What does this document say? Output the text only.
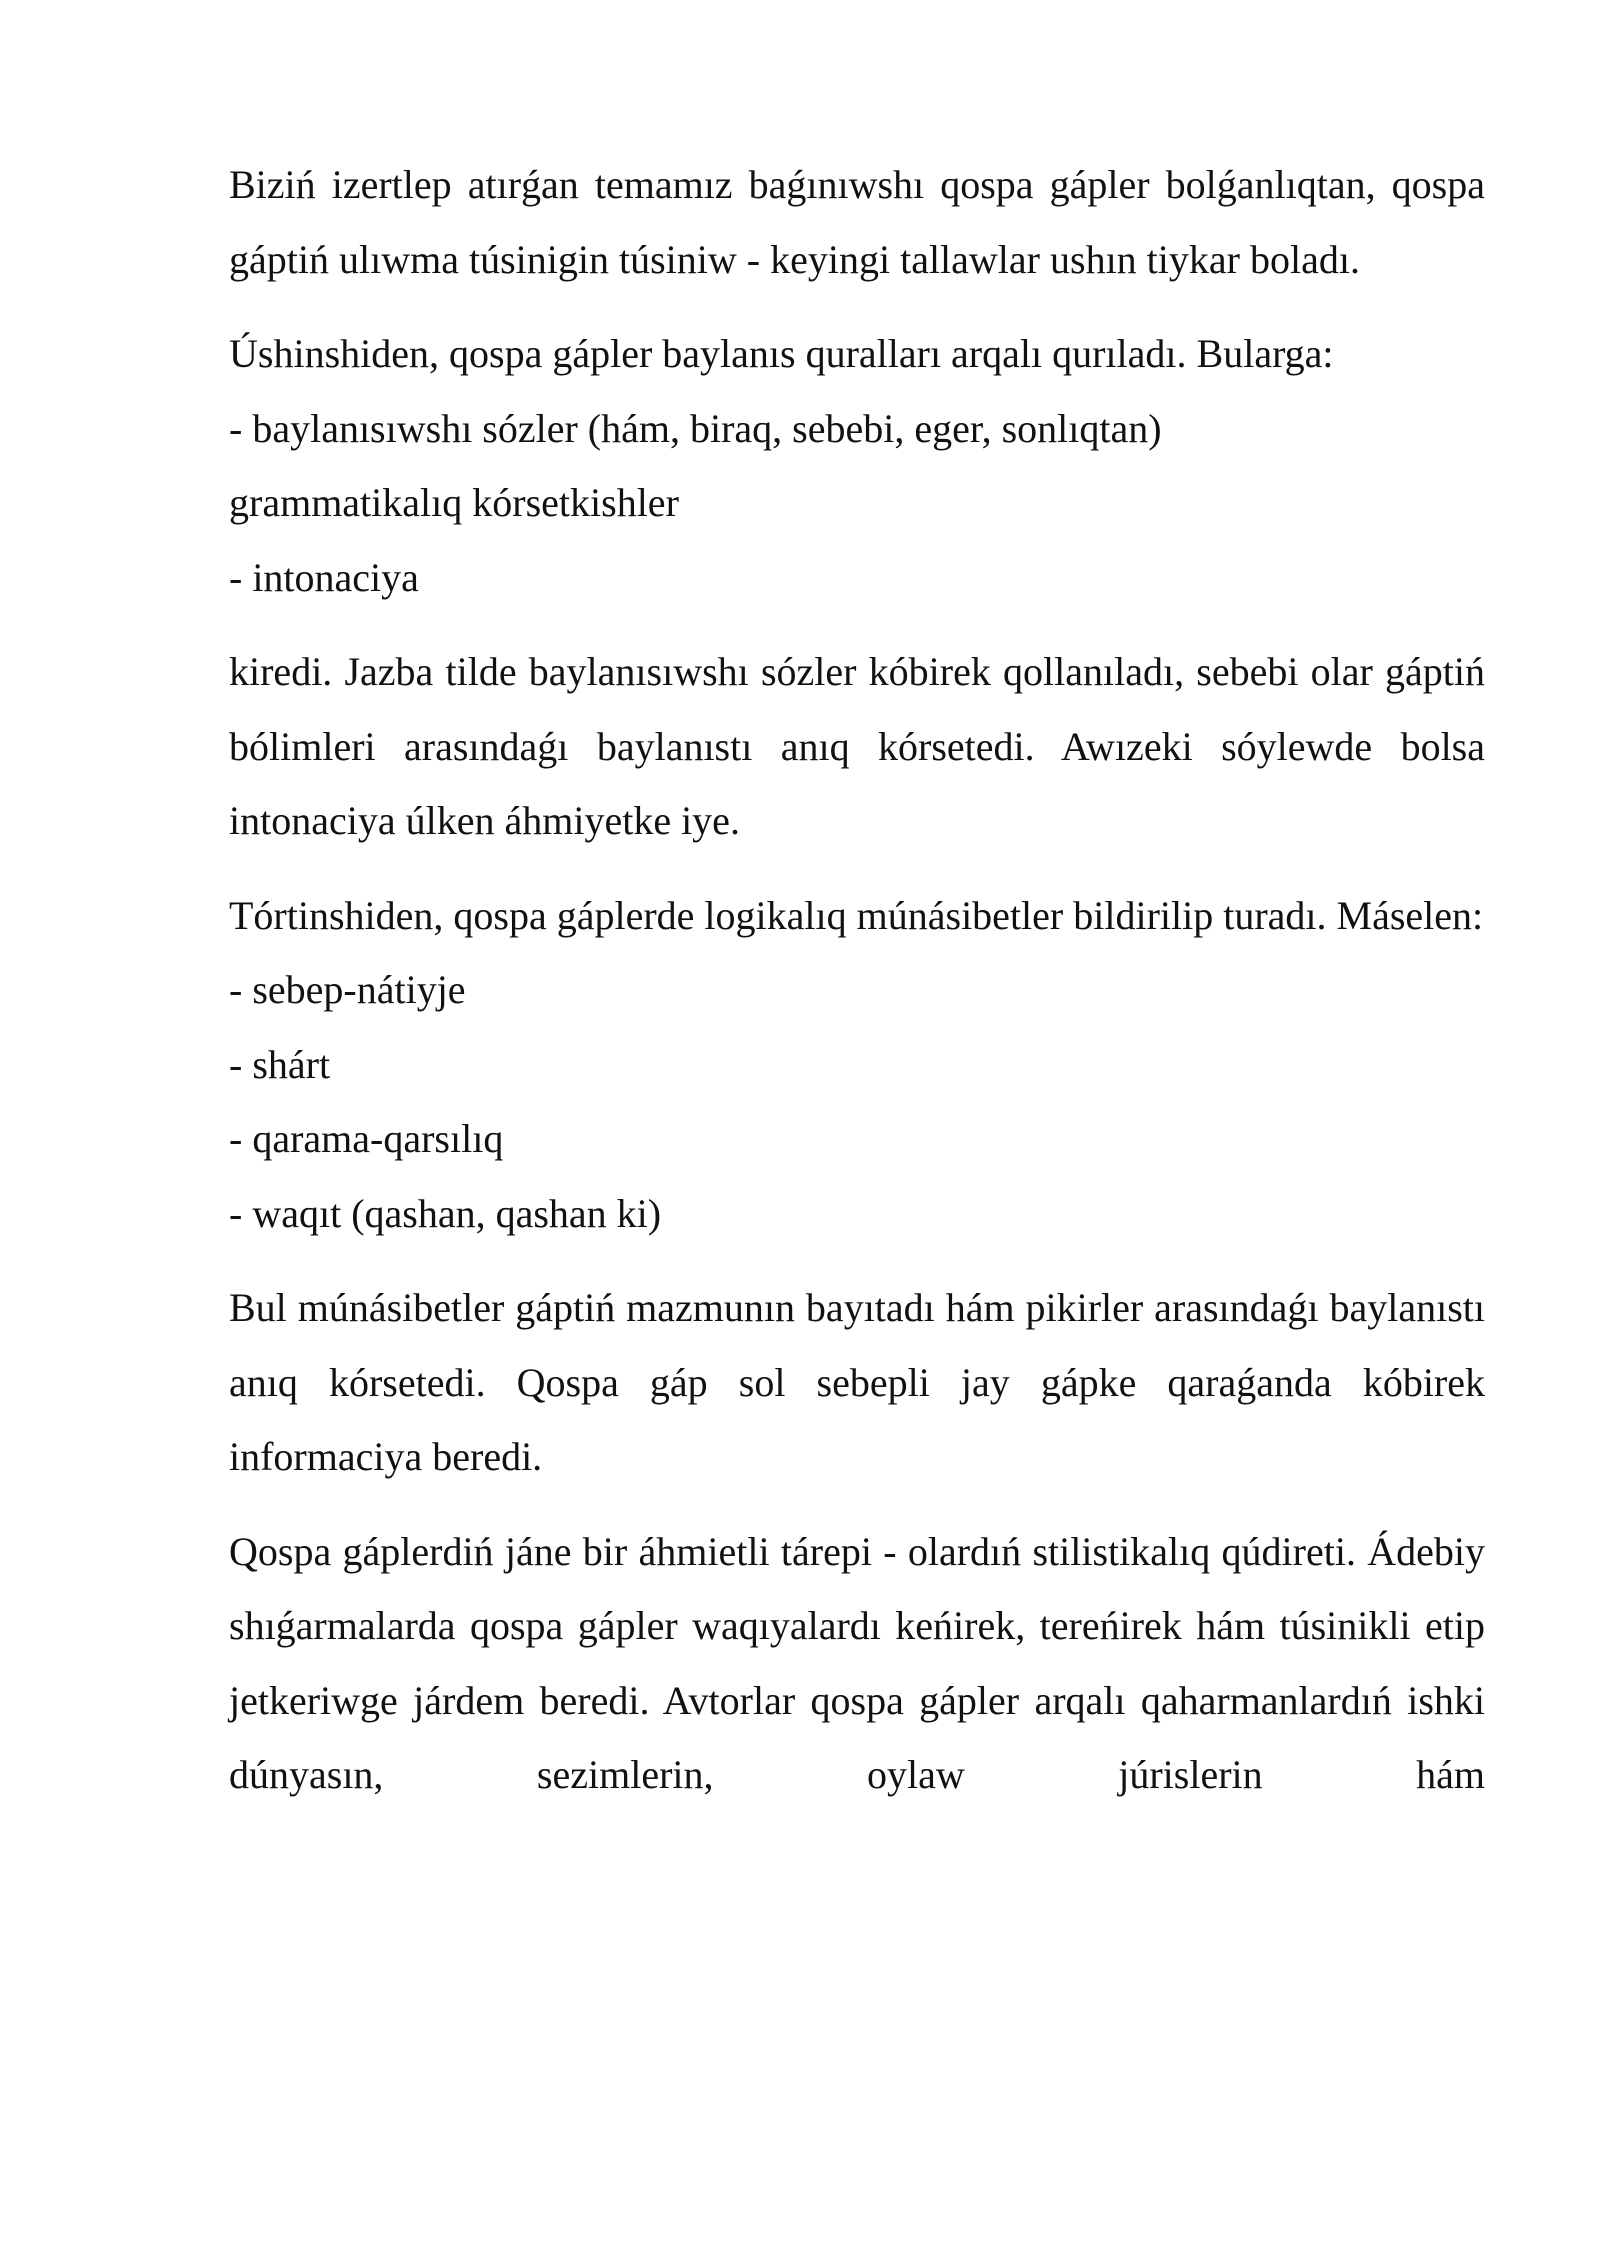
Biziń izertlep atırǵan temamız baǵınıwshı qospa gápler bolǵanlıqtan, qospa gáptiń ulıwma túsinigin túsiniw - keyingi tallawlar ushın tiykar boladı.

Úshinshiden, qospa gápler baylanıs quralları arqalı qurıladı. Bularga:

- baylanısıwshı sózler (hám, biraq, sebebi, eger, sonlıqtan)

grammatikalıq kórsetkishler

- intonaciya

kiredi. Jazba tilde baylanısıwshı sózler kóbirek qollanıladı, sebebi olar gáptiń bólimleri arasındaǵı baylanıstı anıq kórsetedi. Awızeki sóylewde bolsa intonaciya úlken áhmiyetke iye.

Tórtinshiden, qospa gáplerde logikalıq múnásibetler bildirilip turadı. Máselen:

- sebep-nátiyje

- shárt

- qarama-qarsılıq

- waqıt (qashan, qashan ki)

Bul múnásibetler gáptiń mazmunın bayıtadı hám pikirler arasındaǵı baylanıstı anıq kórsetedi. Qospa gáp sol sebepli jay gápke qaraǵanda kóbirek informaciya beredi.

Qospa gáplerdiń jáne bir áhmietli tárepi - olardıń stilistikalıq qúdireti. Ádebiy shıǵarmalarda qospa gápler waqıyalardı keńirek, tereńirek hám túsinikli etip jetkeriwge járdem beredi. Avtorlar qospa gápler arqalı qaharmanlardıń ishki dúnyasın, sezimlerin, oylaw júrislerin hám
